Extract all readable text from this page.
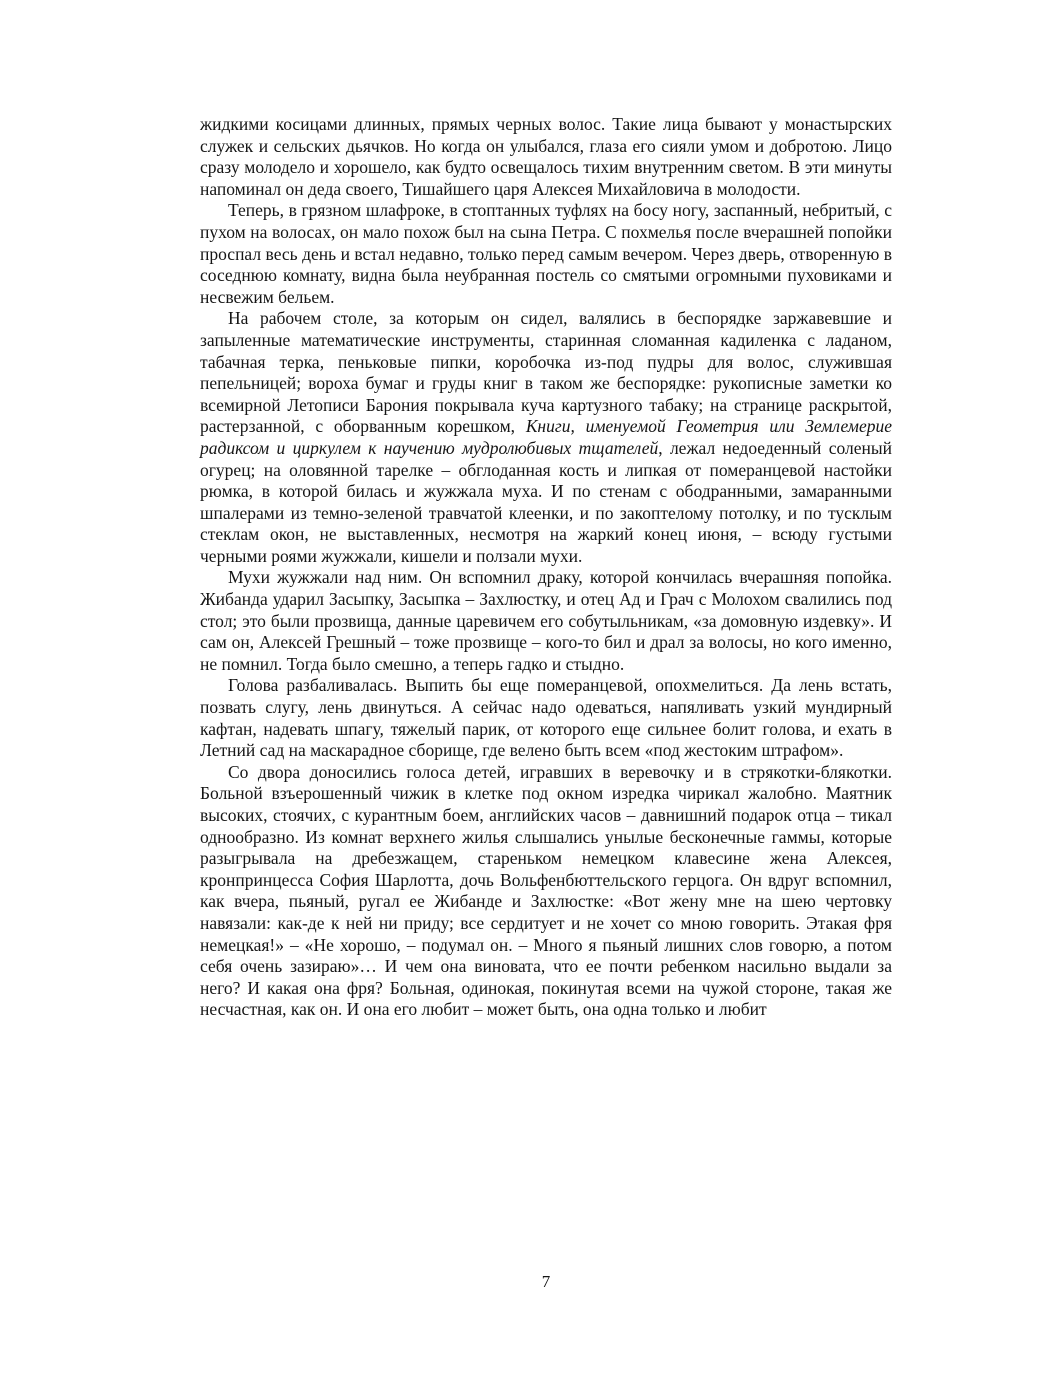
жидкими косицами длинных, прямых черных волос. Такие лица бывают у монастырских служек и сельских дьячков. Но когда он улыбался, глаза его сияли умом и добротою. Лицо сразу молодело и хорошело, как будто освещалось тихим внутренним светом. В эти минуты напоминал он деда своего, Тишайшего царя Алексея Михайловича в молодости.

Теперь, в грязном шлафроке, в стоптанных туфлях на босу ногу, заспанный, небритый, с пухом на волосах, он мало похож был на сына Петра. С похмелья после вчерашней попойки проспал весь день и встал недавно, только перед самым вечером. Через дверь, отворенную в соседнюю комнату, видна была неубранная постель со смятыми огромными пуховиками и несвежим бельем.

На рабочем столе, за которым он сидел, валялись в беспорядке заржавевшие и запыленные математические инструменты, старинная сломанная кадиленка с ладаном, табачная терка, пеньковые пипки, коробочка из-под пудры для волос, служившая пепельницей; вороха бумаг и груды книг в таком же беспорядке: рукописные заметки ко всемирной Летописи Барония покрывала куча картузного табаку; на странице раскрытой, растерзанной, с оборванным корешком, Книги, именуемой Геометрия или Землемерие радиксом и циркулем к научению мудролюбивых тщателей, лежал недоеденный соленый огурец; на оловянной тарелке – обглоданная кость и липкая от померанцевой настойки рюмка, в которой билась и жужжала муха. И по стенам с ободранными, замаранными шпалерами из темно-зеленой травчатой клеенки, и по закоптелому потолку, и по тусклым стеклам окон, не выставленных, несмотря на жаркий конец июня, – всюду густыми черными роями жужжали, кишели и ползали мухи.

Мухи жужжали над ним. Он вспомнил драку, которой кончилась вчерашняя попойка. Жибанда ударил Засыпку, Засыпка – Захлюстку, и отец Ад и Грач с Молохом свалились под стол; это были прозвища, данные царевичем его собутыльникам, «за домовную издевку». И сам он, Алексей Грешный – тоже прозвище – кого-то бил и драл за волосы, но кого именно, не помнил. Тогда было смешно, а теперь гадко и стыдно.

Голова разбаливалась. Выпить бы еще померанцевой, опохмелиться. Да лень встать, позвать слугу, лень двинуться. А сейчас надо одеваться, напяливать узкий мундирный кафтан, надевать шпагу, тяжелый парик, от которого еще сильнее болит голова, и ехать в Летний сад на маскарадное сборище, где велено быть всем «под жестоким штрафом».

Со двора доносились голоса детей, игравших в веревочку и в стрякотки-блякотки. Больной взъерошенный чижик в клетке под окном изредка чирикал жалобно. Маятник высоких, стоячих, с курантным боем, английских часов – давнишний подарок отца – тикал однообразно. Из комнат верхнего жилья слышались унылые бесконечные гаммы, которые разыгрывала на дребезжащем, стареньком немецком клавесине жена Алексея, кронпринцесса София Шарлотта, дочь Вольфенбюттельского герцога. Он вдруг вспомнил, как вчера, пьяный, ругал ее Жибанде и Захлюстке: «Вот жену мне на шею чертовку навязали: как-де к ней ни приду; все сердитует и не хочет со мною говорить. Этакая фря немецкая!» – «Не хорошо, – подумал он. – Много я пьяный лишних слов говорю, а потом себя очень зазираю»… И чем она виновата, что ее почти ребенком насильно выдали за него? И какая она фря? Больная, одинокая, покинутая всеми на чужой стороне, такая же несчастная, как он. И она его любит – может быть, она одна только и любит

7
